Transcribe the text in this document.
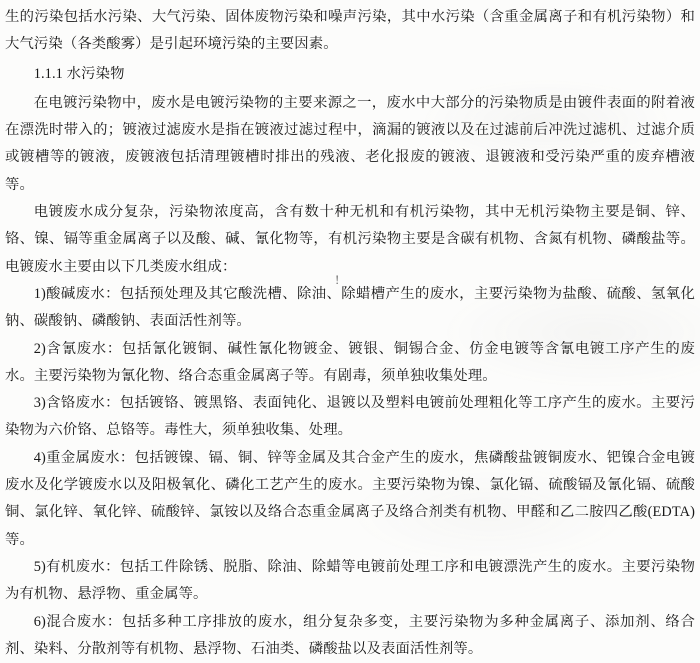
生的污染包括水污染、大气污染、固体废物污染和噪声污染，其中水污染（含重金属离子和有机污染物）和大气污染（各类酸雾）是引起环境污染的主要因素。

1.1.1 水污染物

在电镀污染物中，废水是电镀污染物的主要来源之一，废水中大部分的污染物质是由镀件表面的附着液在漂洗时带入的；镀液过滤废水是指在镀液过滤过程中，滴漏的镀液以及在过滤前后冲洗过滤机、过滤介质或镀槽等的镀液，废镀液包括清理镀槽时排出的残液、老化报废的镀液、退镀液和受污染严重的废弃槽液等。

电镀废水成分复杂，污染物浓度高，含有数十种无机和有机污染物，其中无机污染物主要是铜、锌、铬、镍、镉等重金属离子以及酸、碱、氰化物等，有机污染物主要是含碳有机物、含氮有机物、磷酸盐等。电镀废水主要由以下几类废水组成：

1)酸碱废水：包括预处理及其它酸洗槽、除油、除蜡槽产生的废水，主要污染物为盐酸、硫酸、氢氧化钠、碳酸钠、磷酸钠、表面活性剂等。

2)含氰废水：包括氰化镀铜、碱性氰化物镀金、镀银、铜锡合金、仿金电镀等含氰电镀工序产生的废水。主要污染物为氰化物、络合态重金属离子等。有剧毒，须单独收集处理。

3)含铬废水：包括镀铬、镀黑铬、表面钝化、退镀以及塑料电镀前处理粗化等工序产生的废水。主要污染物为六价铬、总铬等。毒性大，须单独收集、处理。

4)重金属废水：包括镀镍、镉、铜、锌等金属及其合金产生的废水，焦磷酸盐镀铜废水、钯镍合金电镀废水及化学镀废水以及阳极氧化、磷化工艺产生的废水。主要污染物为镍、氯化镉、硫酸镉及氰化镉、硫酸铜、氯化锌、氧化锌、硫酸锌、氯铵以及络合态重金属离子及络合剂类有机物、甲醛和乙二胺四乙酸(EDTA)等。

5)有机废水：包括工件除锈、脱脂、除油、除蜡等电镀前处理工序和电镀漂洗产生的废水。主要污染物为有机物、悬浮物、重金属等。

6)混合废水：包括多种工序排放的废水，组分复杂多变，主要污染物为多种金属离子、添加剂、络合剂、染料、分散剂等有机物、悬浮物、石油类、磷酸盐以及表面活性剂等。

!
